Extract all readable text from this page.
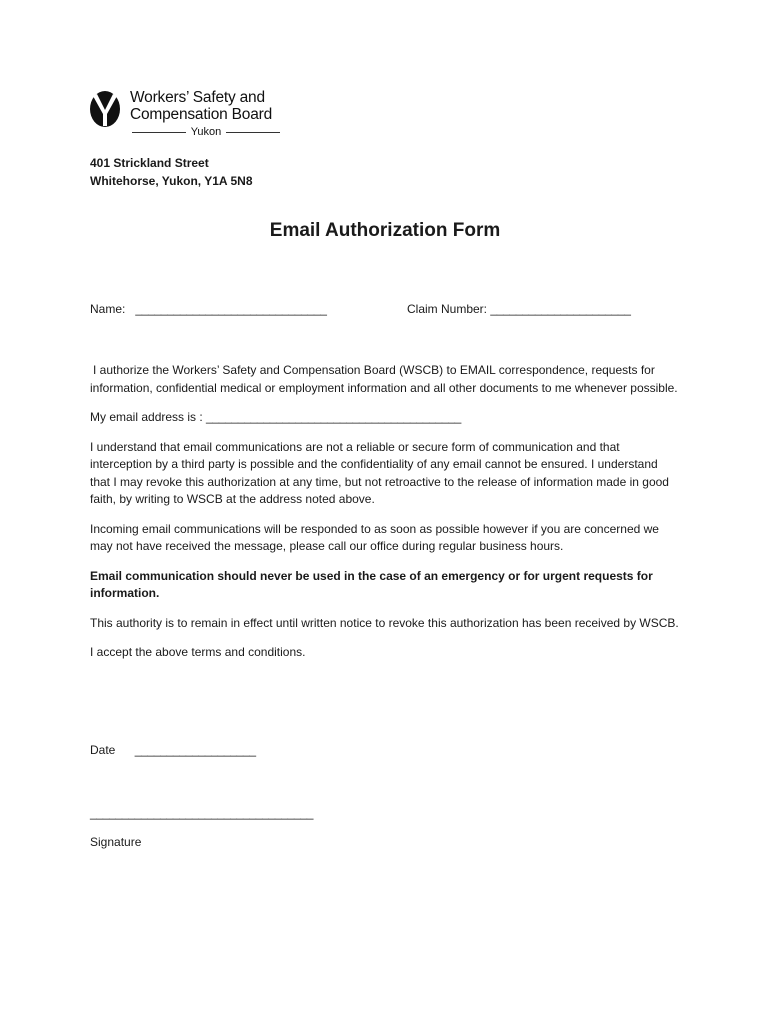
Workers’ Safety and
Compensation Board
Yukon
401 Strickland Street
Whitehorse, Yukon, Y1A 5N8
Email Authorization Form
Name: ______________________________	Claim Number: ______________________

I authorize the Workers’ Safety and Compensation Board (WSCB) to EMAIL correspondence, requests for information, confidential medical or employment information and all other documents to me whenever possible.

My email address is : ________________________________________

I understand that email communications are not a reliable or secure form of communication and that interception by a third party is possible and the confidentiality of any email cannot be ensured. I understand that I may revoke this authorization at any time, but not retroactive to the release of information made in good faith, by writing to WSCB at the address noted above.

Incoming email communications will be responded to as soon as possible however if you are concerned we may not have received the message, please call our office during regular business hours.

Email communication should never be used in the case of an emergency or for urgent requests for information.

This authority is to remain in effect until written notice to revoke this authorization has been received by WSCB.

I accept the above terms and conditions.

Date ___________________
___________________________________
Signature
